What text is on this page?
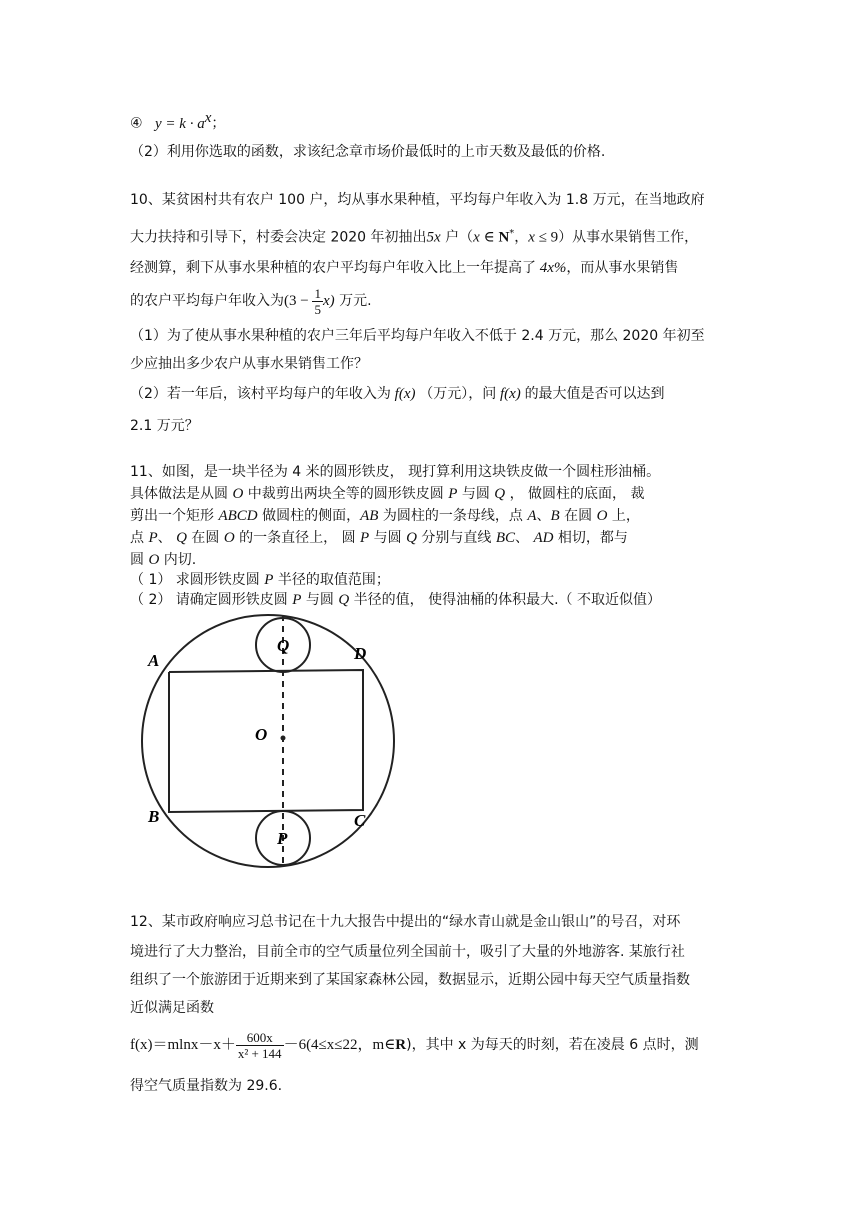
④ $y = k \cdot a^x$；
（2）利用你选取的函数，求该纪念章市场价最低时的上市天数及最低的价格.
10、某贫困村共有农户 100 户，均从事水果种植，平均每户年收入为 1.8 万元，在当地政府
大力扶持和引导下，村委会决定 2020 年初抽出5x 户（x ∈ N*，x ≤ 9）从事水果销售工作，
经测算，剩下从事水果种植的农户平均每户年收入比上一年提高了 4x%，而从事水果销售
的农户平均每户年收入为$(3 - \frac{1}{5} x)$ 万元.
（1）为了使从事水果种植的农户三年后平均每户年收入不低于 2.4 万元，那么 2020 年初至
少应抽出多少农户从事水果销售工作？
（2）若一年后，该村平均每户的年收入为 f(x) （万元），问 f(x) 的最大值是否可以达到
2.1 万元？
11、如图，是一块半径为 4 米的圆形铁皮， 现打算利用这块铁皮做一个圆柱形油桶。
具体做法是从圆 O 中裁剪出两块全等的圆形铁皮圆 P 与圆 Q ， 做圆柱的底面， 裁
剪出一个矩形 ABCD 做圆柱的侧面，AB 为圆柱的一条母线，点 A、B 在圆 O 上，
点 P、 Q 在圆 O 的一条直径上， 圆 P 与圆 Q 分别与直线 BC、 AD 相切，都与
圆 O 内切.
（ 1） 求圆形铁皮圆 P 半径的取值范围；
（ 2） 请确定圆形铁皮圆 P 与圆 Q 半径的值， 使得油桶的体积最大.（ 不取近似值）
A	D
O
B	C
Q
P
12、某市政府响应习总书记在十九大报告中提出的“绿水青山就是金山银山”的号召，对环
境进行了大力整治，目前全市的空气质量位列全国前十，吸引了大量的外地游客. 某旅行社
组织了一个旅游团于近期来到了某国家森林公园，数据显示，近期公园中每天空气质量指数
近似满足函数
$f(x)=mlnx-x+ \frac{600x}{\text{x² + 144}} -6(4\le x\le 22$，m∈R)，其中 x 为每天的时刻，若在凌晨 6 点时，测
得空气质量指数为 29.6.
